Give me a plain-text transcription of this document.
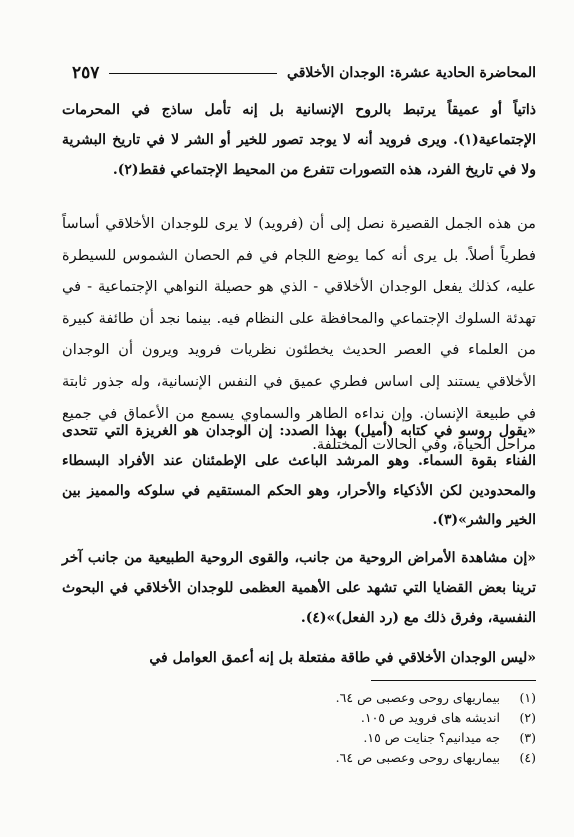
المحاضرة الحادية عشرة: الوجدان الأخلاقي
٢٥٧

ذاتياً أو عميقاً يرتبط بالروح الإنسانية بل إنه تأمل ساذج في المحرمات الإجتماعية(١). ويرى فرويد أنه لا يوجد تصور للخير أو الشر لا في تاريخ البشرية ولا في تاريخ الفرد، هذه التصورات تتفرع من المحيط الإجتماعي فقط(٢).

من هذه الجمل القصيرة نصل إلى أن (فرويد) لا يرى للوجدان الأخلاقي أساساً فطرياً أصلاً. بل يرى أنه كما يوضع اللجام في فم الحصان الشموس للسيطرة عليه، كذلك يفعل الوجدان الأخلاقي - الذي هو حصيلة النواهي الإجتماعية - في تهدئة السلوك الإجتماعي والمحافظة على النظام فيه. بينما نجد أن طائفة كبيرة من العلماء في العصر الحديث يخطئون نظريات فرويد ويرون أن الوجدان الأخلاقي يستند إلى اساس فطري عميق في النفس الإنسانية، وله جذور ثابتة في طبيعة الإنسان. وإن نداءه الطاهر والسماوي يسمع من الأعماق في جميع مراحل الحياة، وفي الحالات المختلفة.

«يقول روسو في كتابه (أميل) بهذا الصدد: إن الوجدان هو الغريزة التي تتحدى الفناء بقوة السماء. وهو المرشد الباعث على الإطمئنان عند الأفراد البسطاء والمحدودين لكن الأذكياء والأحرار، وهو الحكم المستقيم في سلوكه والمميز بين الخير والشر»(٣).

«إن مشاهدة الأمراض الروحية من جانب، والقوى الروحية الطبيعية من جانب آخر ترينا بعض القضايا التي تشهد على الأهمية العظمى للوجدان الأخلاقي في البحوث النفسية، وفرق ذلك مع (رد الفعل)»(٤).

«ليس الوجدان الأخلاقي في طاقة مفتعلة بل إنه أعمق العوامل في

(١)
بيماريهاى روحى وعصبى ص ٦٤.
(٢)
انديشه هاى فرويد ص ١٠٥.
(٣)
جه ميدانيم؟ جنايت ص ١٥.
(٤)
بيماريهاى روحى وعصبى ص ٦٤.
